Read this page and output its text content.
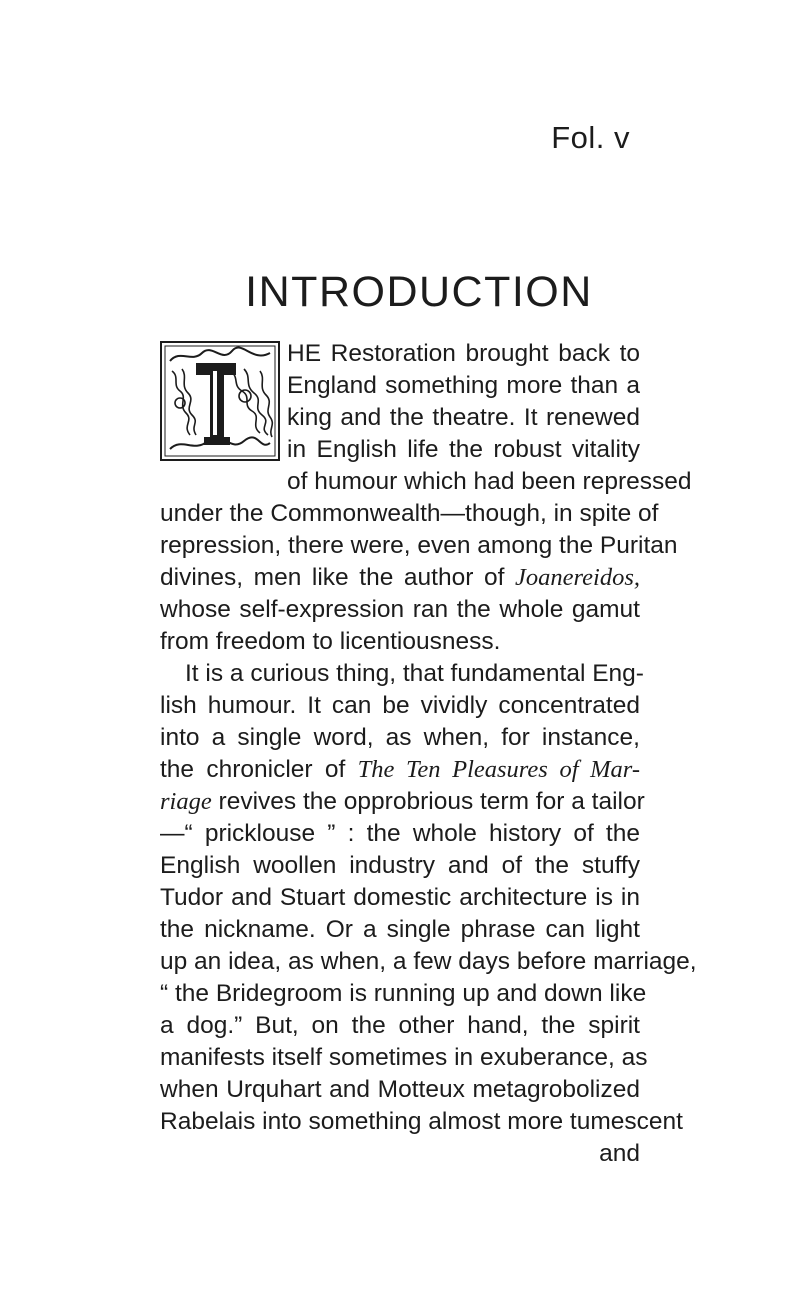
Fol. v
INTRODUCTION
HE Restoration brought back to
England something more than a
king and the theatre. It renewed
in English life the robust vitality
of humour which had been repressed
under the Commonwealth—though, in spite of
repression, there were, even among the Puritan
divines, men like the author of Joanereidos,
whose self-expression ran the whole gamut
from freedom to licentiousness.
It is a curious thing, that fundamental Eng-
lish humour. It can be vividly concentrated
into a single word, as when, for instance,
the chronicler of The Ten Pleasures of Mar-
riage revives the opprobrious term for a tailor
—“ pricklouse ” : the whole history of the
English woollen industry and of the stuffy
Tudor and Stuart domestic architecture is in
the nickname. Or a single phrase can light
up an idea, as when, a few days before marriage,
“ the Bridegroom is running up and down like
a dog.” But, on the other hand, the spirit
manifests itself sometimes in exuberance, as
when Urquhart and Motteux metagrobolized
Rabelais into something almost more tumescent
and
